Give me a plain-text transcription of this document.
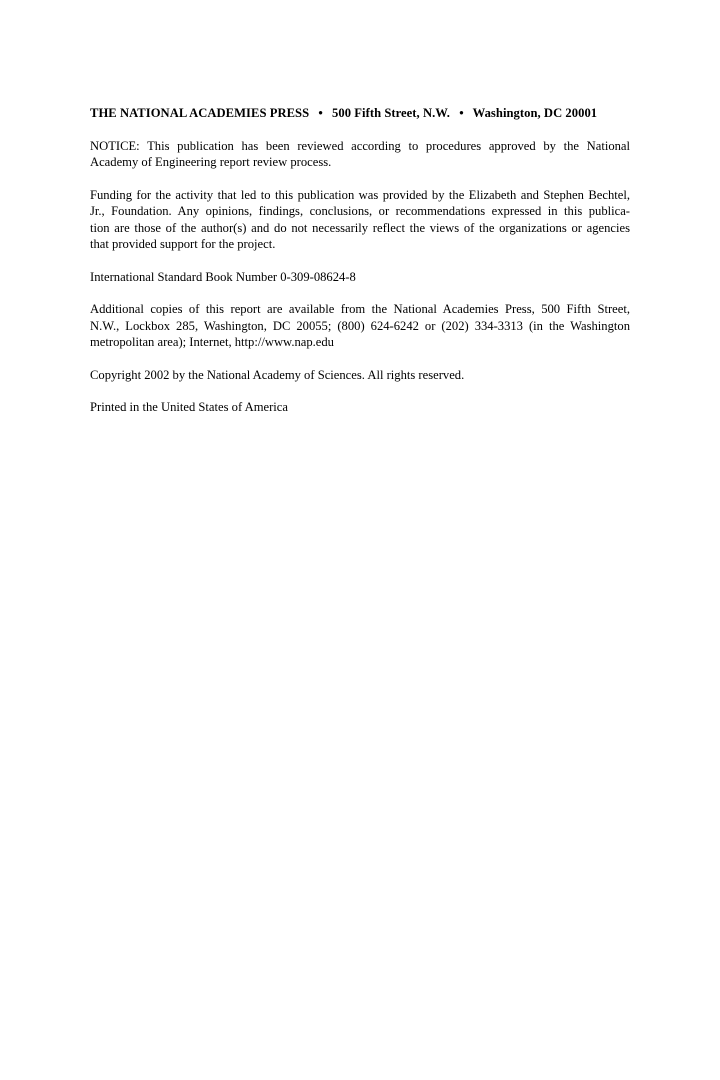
THE NATIONAL ACADEMIES PRESS • 500 Fifth Street, N.W. • Washington, DC 20001

NOTICE: This publication has been reviewed according to procedures approved by the National
Academy of Engineering report review process.

Funding for the activity that led to this publication was provided by the Elizabeth and Stephen Bechtel,
Jr., Foundation. Any opinions, findings, conclusions, or recommendations expressed in this publica-
tion are those of the author(s) and do not necessarily reflect the views of the organizations or agencies
that provided support for the project.

International Standard Book Number 0-309-08624-8

Additional copies of this report are available from the National Academies Press, 500 Fifth Street,
N.W., Lockbox 285, Washington, DC 20055; (800) 624-6242 or (202) 334-3313 (in the Washington
metropolitan area); Internet, http://www.nap.edu

Copyright 2002 by the National Academy of Sciences. All rights reserved.

Printed in the United States of America
